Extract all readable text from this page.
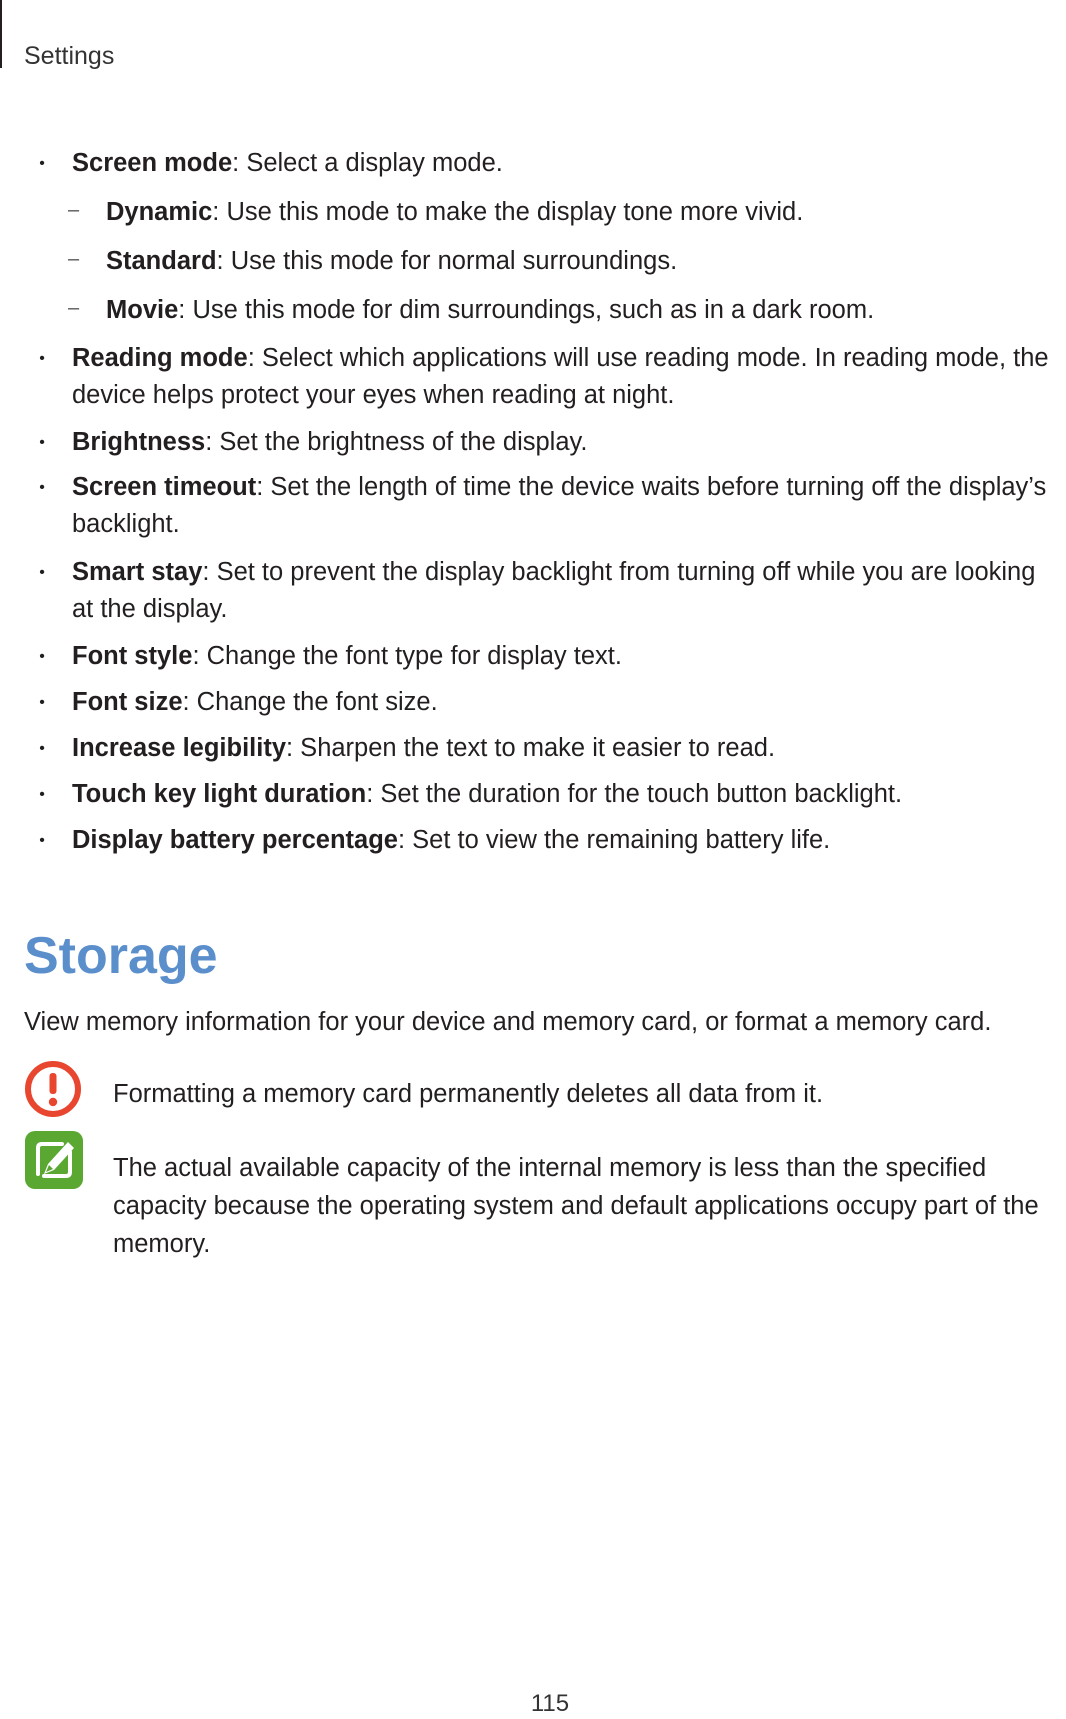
Settings
• Screen mode: Select a display mode.
– Dynamic: Use this mode to make the display tone more vivid.
– Standard: Use this mode for normal surroundings.
– Movie: Use this mode for dim surroundings, such as in a dark room.
• Reading mode: Select which applications will use reading mode. In reading mode, the device helps protect your eyes when reading at night.
• Brightness: Set the brightness of the display.
• Screen timeout: Set the length of time the device waits before turning off the display’s backlight.
• Smart stay: Set to prevent the display backlight from turning off while you are looking at the display.
• Font style: Change the font type for display text.
• Font size: Change the font size.
• Increase legibility: Sharpen the text to make it easier to read.
• Touch key light duration: Set the duration for the touch button backlight.
• Display battery percentage: Set to view the remaining battery life.
Storage
View memory information for your device and memory card, or format a memory card.
Formatting a memory card permanently deletes all data from it.
The actual available capacity of the internal memory is less than the specified capacity because the operating system and default applications occupy part of the memory.
115
